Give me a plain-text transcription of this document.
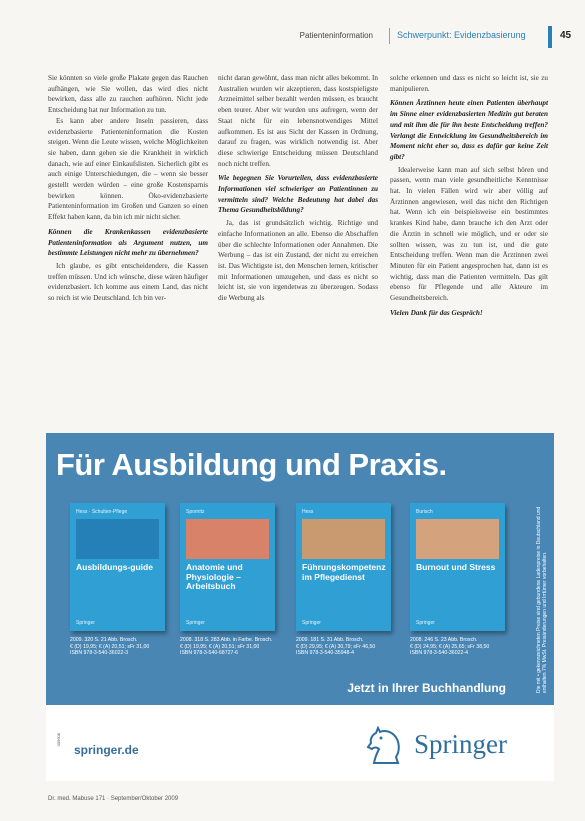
Patienteninformation	Schwerpunkt: Evidenzbasierung	45

Sie könnten so viele große Plakate gegen das Rauchen aufhängen, wie Sie wollen, das wird dies nicht bewirken, dass alle zu rauchen aufhören. Nicht jede Entscheidung hat nur Information zu tun.

Es kann aber andere Inseln passieren, dass evidenzbasierte Patienteninformation die Kosten steigen. Wenn die Leute wissen, welche Möglichkeiten sie haben, dann gehen sie die Krankheit in wirklich danach, wie auf einer Einkaufslisten. Sicherlich gibt es auch einige Unterschiedungen, die – wenn sie besser gestellt werden würden – eine große Kostensparnis bewirken können. Öko-evidenzbasierte Patienteninformation im Großen und Ganzen so einen Effekt haben kann, da bin ich mir nicht sicher.

Können die Krankenkassen evidenzbasierte Patienteninformation als Argument nutzen, um bestimmte Leistungen nicht mehr zu übernehmen?

Ich glaube, es gibt entscheidendere, die Kassen treffen müssen. Und ich wünsche, diese wären häufiger evidenzbasiert. Ich komme aus einem Land, das nicht so reich ist wie Deutschland. Ich bin ver-

nicht daran gewöhnt, dass man nicht alles bekommt. In Australien wurden wir akzeptieren, dass kostspieligste Arzneimittel selber bezahlt werden müssen, es braucht eben teurer. Aber wir wurden uns aufregen, wenn der Staat nicht für ein lebensnotwendiges Mittel aufkommen. Es ist aus Sicht der Kassen in Ordnung, darauf zu fragen, was wirklich notwendig ist. Aber diese schwierige Entscheidung müssen Deutschland noch nicht treffen.

Wie begegnen Sie Vorurteilen, dass evidenzbasierte Informationen viel schwieriger an Patientinnen zu vermitteln sind? Welche Bedeutung hat dabei das Thema Gesundheitsbildung?

Ja, das ist grundsätzlich wichtig. Richtige und einfache Informationen an alle. Ebenso die Abschaffen über die schlechte Informationen oder Annahmen. Die Werbung – das ist ein Zustand, der nicht zu erreichen ist. Das Wichtigste ist, den Menschen lernen, kritischer mit Informationen umzugehen, und dass es nicht so leicht ist, sie von irgendetwas zu überzeugen. Sodass die Werbung als

solche erkennen und dass es nicht so leicht ist, sie zu manipulieren.

Können Ärztinnen heute einen Patienten überhaupt im Sinne einer evidenzbasierten Medizin gut beraten und mit ihm die für ihn beste Entscheidung treffen? Verlangt die Entwicklung im Gesundheitsbereich im Moment nicht eher so, dass es dafür gar keine Zeit gibt?

Idealerweise kann man auf sich selbst hören und passen, wenn man viele gesundheitliche Kenntnisse hat. In vielen Fällen wird wir aber völlig auf Ärztinnen angewiesen, weil das nicht den Richtigen hat. Wenn ich ein beispielsweise ein bestimmtes krankes Kind habe, dann brauche ich den Arzt oder die Ärztin in schnell wie möglich, und er oder sie sollten wissen, was zu tun ist, und die gute Entscheidung treffen. Wenn man die Ärztinnen zwei Minuten für ein Patient angesprochen hat, dann ist es wichtig, dass man die Patienten vermitteln. Das gilt ebenso für Pflegende und alle Akteure im Gesundheitsbereich.

Vielen Dank für das Gespräch!

Für Ausbildung und Praxis.
Hess · Schulten-Pflege
Ausbildungs-guide
Springer
Spornitz
Anatomie und Physiologie – Arbeitsbuch
Springer
Hess
Führungskompetenz im Pflegedienst
Springer
Burisch
Burnout und Stress
Springer
2009. 320 S. 21 Abb. Brosch.
€ (D) 19,95; € (A) 20,51; sFr 31,00
ISBN 978-3-540-36022-3
2008. 318 S. 283 Abb. in Farbe. Brosch.
€ (D) 19,95; € (A) 20,51; sFr 31,00
ISBN 978-3-540-68727-6
2009. 181 S. 31 Abb. Brosch.
€ (D) 29,95; € (A) 30,79; sFr 46,50
ISBN 978-3-540-35948-4
2008. 246 S. 23 Abb. Brosch.
€ (D) 24,95; € (A) 25,65; sFr 38,50
ISBN 978-3-540-36022-4	Die mit • gekennzeichneten Preise sind gebundene Ladenpreise in Deutschland und enthalten 7% MwSt. Preisänderungen und Irrtümer vorbehalten.
Jetzt in Ihrer Buchhandlung
009608
springer.de	Springer
Dr. med. Mabuse 171 · September/Oktober 2009
